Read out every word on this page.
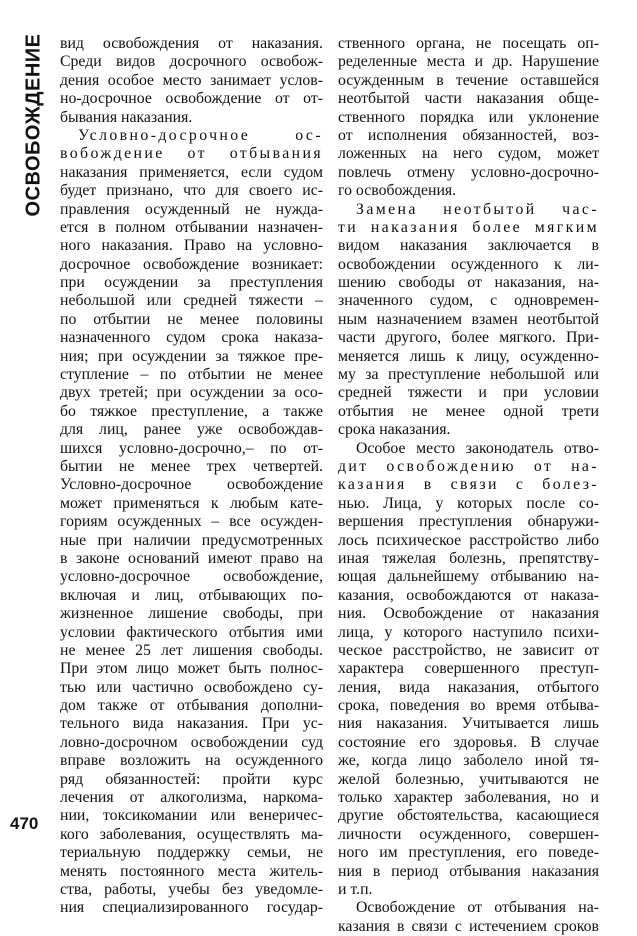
ОСВОБОЖДЕНИЕ
470
вид освобождения от наказания.
Среди видов досрочного освобож-
дения особое место занимает услов-
но-досрочное освобождение от от-
бывания наказания.
Условно-досрочное ос-
вобождение от отбывания
наказания применяется, если судом
будет признано, что для своего ис-
правления осужденный не нужда-
ется в полном отбывании назначен-
ного наказания. Право на условно-
досрочное освобождение возникает:
при осуждении за преступления
небольшой или средней тяжести –
по отбытии не менее половины
назначенного судом срока наказа-
ния; при осуждении за тяжкое пре-
ступление – по отбытии не менее
двух третей; при осуждении за осо-
бо тяжкое преступление, а также
для лиц, ранее уже освобождав-
шихся условно-досрочно,– по от-
бытии не менее трех четвертей.
Условно-досрочное освобождение
может применяться к любым кате-
гориям осужденных – все осужден-
ные при наличии предусмотренных
в законе оснований имеют право на
условно-досрочное освобождение,
включая и лиц, отбывающих по-
жизненное лишение свободы, при
условии фактического отбытия ими
не менее 25 лет лишения свободы.
При этом лицо может быть полнос-
тью или частично освобождено су-
дом также от отбывания дополни-
тельного вида наказания. При ус-
ловно-досрочном освобождении суд
вправе возложить на осужденного
ряд обязанностей: пройти курс
лечения от алкоголизма, наркома-
нии, токсикомании или венеричес-
кого заболевания, осуществлять ма-
териальную поддержку семьи, не
менять постоянного места житель-
ства, работы, учебы без уведомле-
ния специализированного государ-
ственного органа, не посещать оп-
ределенные места и др. Нарушение
осужденным в течение оставшейся
неотбытой части наказания обще-
ственного порядка или уклонение
от исполнения обязанностей, воз-
ложенных на него судом, может
повлечь отмену условно-досрочно-
го освобождения.
Замена неотбытой час-
ти наказания более мягким
видом наказания заключается в
освобождении осужденного к ли-
шению свободы от наказания, на-
значенного судом, с одновремен-
ным назначением взамен неотбытой
части другого, более мягкого. При-
меняется лишь к лицу, осужденно-
му за преступление небольшой или
средней тяжести и при условии
отбытия не менее одной трети
срока наказания.
Особое место законодатель отво-
дит освобождению от на-
казания в связи с болез-
нью. Лица, у которых после со-
вершения преступления обнаружи-
лось психическое расстройство либо
иная тяжелая болезнь, препятству-
ющая дальнейшему отбыванию на-
казания, освобождаются от наказа-
ния. Освобождение от наказания
лица, у которого наступило психи-
ческое расстройство, не зависит от
характера совершенного преступ-
ления, вида наказания, отбытого
срока, поведения во время отбыва-
ния наказания. Учитывается лишь
состояние его здоровья. В случае
же, когда лицо заболело иной тя-
желой болезнью, учитываются не
только характер заболевания, но и
другие обстоятельства, касающиеся
личности осужденного, совершен-
ного им преступления, его поведе-
ния в период отбывания наказания
и т.п.
Освобождение от отбывания на-
казания в связи с истечением сроков
